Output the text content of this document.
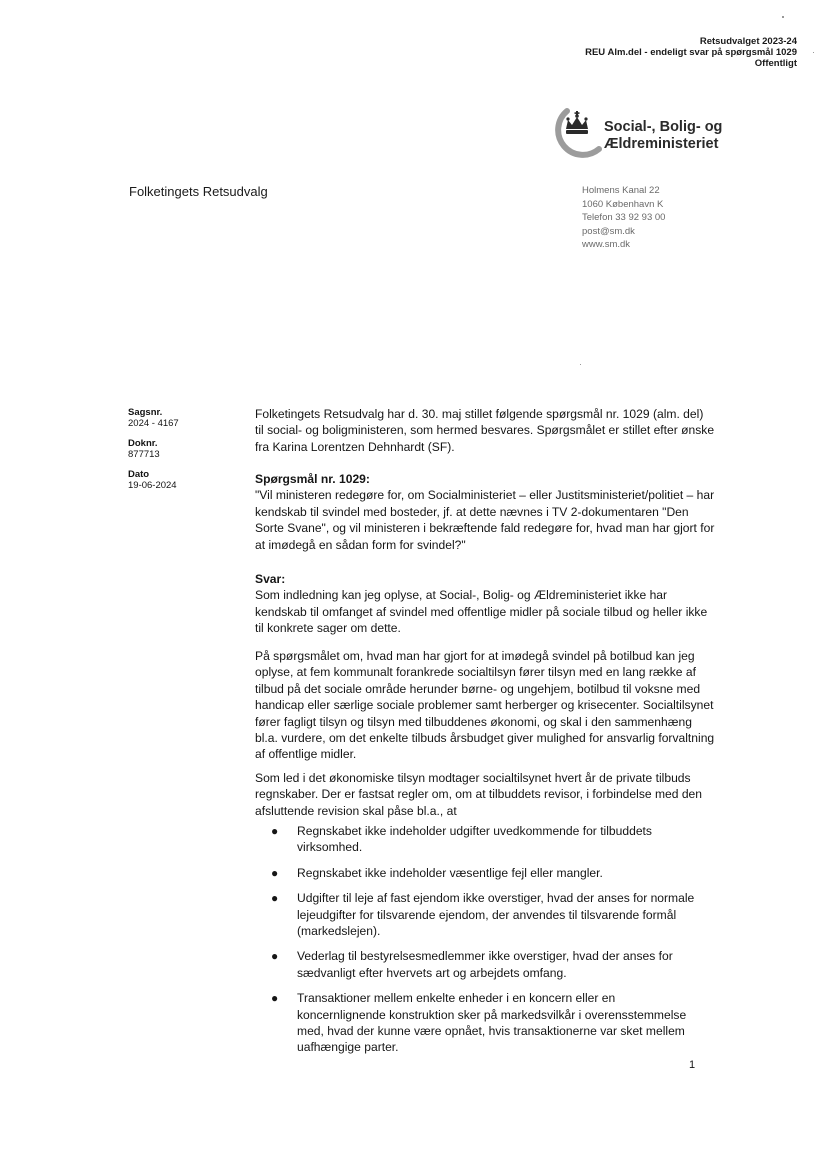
Retsudvalget 2023-24
REU Alm.del - endeligt svar på spørgsmål 1029
Offentligt
Social-, Bolig- og
Ældreministeriet
Folketingets Retsudvalg	Holmens Kanal 22
1060 København K
Telefon 33 92 93 00
post@sm.dk
www.sm.dk
Sagsnr.
2024 - 4167
Doknr.
877713
Dato
19-06-2024

Folketingets Retsudvalg har d. 30. maj stillet følgende spørgsmål nr. 1029 (alm. del) til social- og boligministeren, som hermed besvares. Spørgsmålet er stillet efter ønske fra Karina Lorentzen Dehnhardt (SF).

Spørgsmål nr. 1029:

"Vil ministeren redegøre for, om Socialministeriet – eller Justitsministeriet/politiet – har kendskab til svindel med bosteder, jf. at dette nævnes i TV 2-dokumentaren "Den Sorte Svane", og vil ministeren i bekræftende fald redegøre for, hvad man har gjort for at imødegå en sådan form for svindel?"

Svar:

Som indledning kan jeg oplyse, at Social-, Bolig- og Ældreministeriet ikke har kendskab til omfanget af svindel med offentlige midler på sociale tilbud og heller ikke til konkrete sager om dette.

På spørgsmålet om, hvad man har gjort for at imødegå svindel på botilbud kan jeg oplyse, at fem kommunalt forankrede socialtilsyn fører tilsyn med en lang række af tilbud på det sociale område herunder børne- og ungehjem, botilbud til voksne med handicap eller særlige sociale problemer samt herberger og krisecenter. Socialtilsynet fører fagligt tilsyn og tilsyn med tilbuddenes økonomi, og skal i den sammenhæng bl.a. vurdere, om det enkelte tilbuds årsbudget giver mulighed for ansvarlig forvaltning af offentlige midler.

Som led i det økonomiske tilsyn modtager socialtilsynet hvert år de private tilbuds regnskaber. Der er fastsat regler om, om at tilbuddets revisor, i forbindelse med den afsluttende revision skal påse bl.a., at

● Regnskabet ikke indeholder udgifter uvedkommende for tilbuddets virksomhed.
● Regnskabet ikke indeholder væsentlige fejl eller mangler.
● Udgifter til leje af fast ejendom ikke overstiger, hvad der anses for normale lejeudgifter for tilsvarende ejendom, der anvendes til tilsvarende formål (markedslejen).
● Vederlag til bestyrelsesmedlemmer ikke overstiger, hvad der anses for sædvanligt efter hvervets art og arbejdets omfang.
● Transaktioner mellem enkelte enheder i en koncern eller en koncernlignende konstruktion sker på markedsvilkår i overensstemmelse med, hvad der kunne være opnået, hvis transaktionerne var sket mellem uafhængige parter.
1
